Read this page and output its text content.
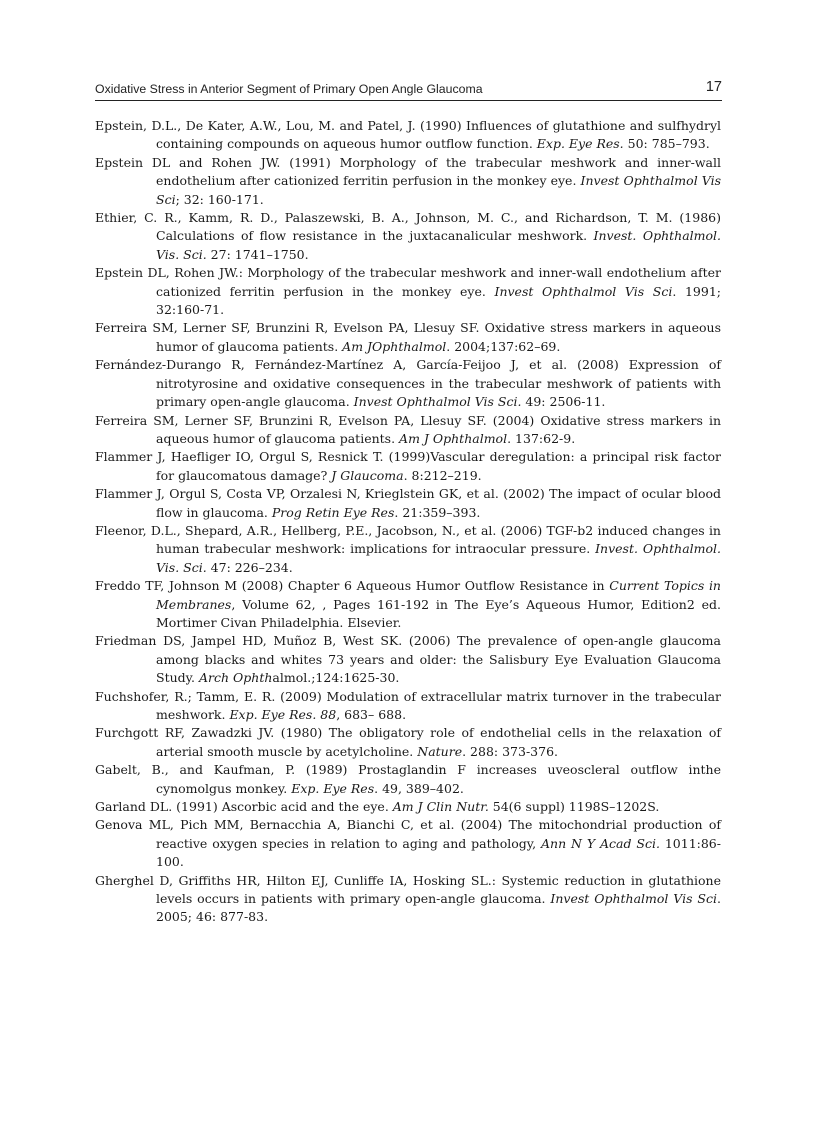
Oxidative Stress in Anterior Segment of Primary Open Angle Glaucoma	17
Epstein, D.L., De Kater, A.W., Lou, M. and Patel, J. (1990) Influences of glutathione and sulfhydryl containing compounds on aqueous humor outflow function. Exp. Eye Res. 50: 785–793.
Epstein DL and Rohen JW. (1991) Morphology of the trabecular meshwork and inner-wall endothelium after cationized ferritin perfusion in the monkey eye. Invest Ophthalmol Vis Sci; 32: 160-171.
Ethier, C. R., Kamm, R. D., Palaszewski, B. A., Johnson, M. C., and Richardson, T. M. (1986) Calculations of flow resistance in the juxtacanalicular meshwork. Invest. Ophthalmol. Vis. Sci. 27: 1741–1750.
Epstein DL, Rohen JW.: Morphology of the trabecular meshwork and inner-wall endothelium after cationized ferritin perfusion in the monkey eye. Invest Ophthalmol Vis Sci. 1991; 32:160-71.
Ferreira SM, Lerner SF, Brunzini R, Evelson PA, Llesuy SF. Oxidative stress markers in aqueous humor of glaucoma patients. Am JOphthalmol. 2004;137:62–69.
Fernández-Durango R, Fernández-Martínez A, García-Feijoo J, et al. (2008) Expression of nitrotyrosine and oxidative consequences in the trabecular meshwork of patients with primary open-angle glaucoma. Invest Ophthalmol Vis Sci. 49: 2506-11.
Ferreira SM, Lerner SF, Brunzini R, Evelson PA, Llesuy SF. (2004) Oxidative stress markers in aqueous humor of glaucoma patients. Am J Ophthalmol. 137:62-9.
Flammer J, Haefliger IO, Orgul S, Resnick T. (1999)Vascular deregulation: a principal risk factor for glaucomatous damage? J Glaucoma. 8:212–219.
Flammer J, Orgul S, Costa VP, Orzalesi N, Krieglstein GK, et al. (2002) The impact of ocular blood flow in glaucoma. Prog Retin Eye Res. 21:359–393.
Fleenor, D.L., Shepard, A.R., Hellberg, P.E., Jacobson, N., et al. (2006) TGF-b2 induced changes in human trabecular meshwork: implications for intraocular pressure. Invest. Ophthalmol. Vis. Sci. 47: 226–234.
Freddo TF, Johnson M (2008) Chapter 6 Aqueous Humor Outflow Resistance in Current Topics in Membranes, Volume 62, , Pages 161-192 in The Eye’s Aqueous Humor, Edition2 ed. Mortimer Civan Philadelphia. Elsevier.
Friedman DS, Jampel HD, Muñoz B, West SK. (2006) The prevalence of open-angle glaucoma among blacks and whites 73 years and older: the Salisbury Eye Evaluation Glaucoma Study. Arch Ophthalmol.;124:1625-30.
Fuchshofer, R.; Tamm, E. R. (2009) Modulation of extracellular matrix turnover in the trabecular meshwork. Exp. Eye Res. 88, 683– 688.
Furchgott RF, Zawadzki JV. (1980) The obligatory role of endothelial cells in the relaxation of arterial smooth muscle by acetylcholine. Nature. 288: 373-376.
Gabelt, B., and Kaufman, P. (1989) Prostaglandin F increases uveoscleral outflow inthe cynomolgus monkey. Exp. Eye Res. 49, 389–402.
Garland DL. (1991) Ascorbic acid and the eye. Am J Clin Nutr. 54(6 suppl) 1198S–1202S.
Genova ML, Pich MM, Bernacchia A, Bianchi C, et al. (2004) The mitochondrial production of reactive oxygen species in relation to aging and pathology, Ann N Y Acad Sci. 1011:86-100.
Gherghel D, Griffiths HR, Hilton EJ, Cunliffe IA, Hosking SL.: Systemic reduction in glutathione levels occurs in patients with primary open-angle glaucoma. Invest Ophthalmol Vis Sci. 2005; 46: 877-83.
